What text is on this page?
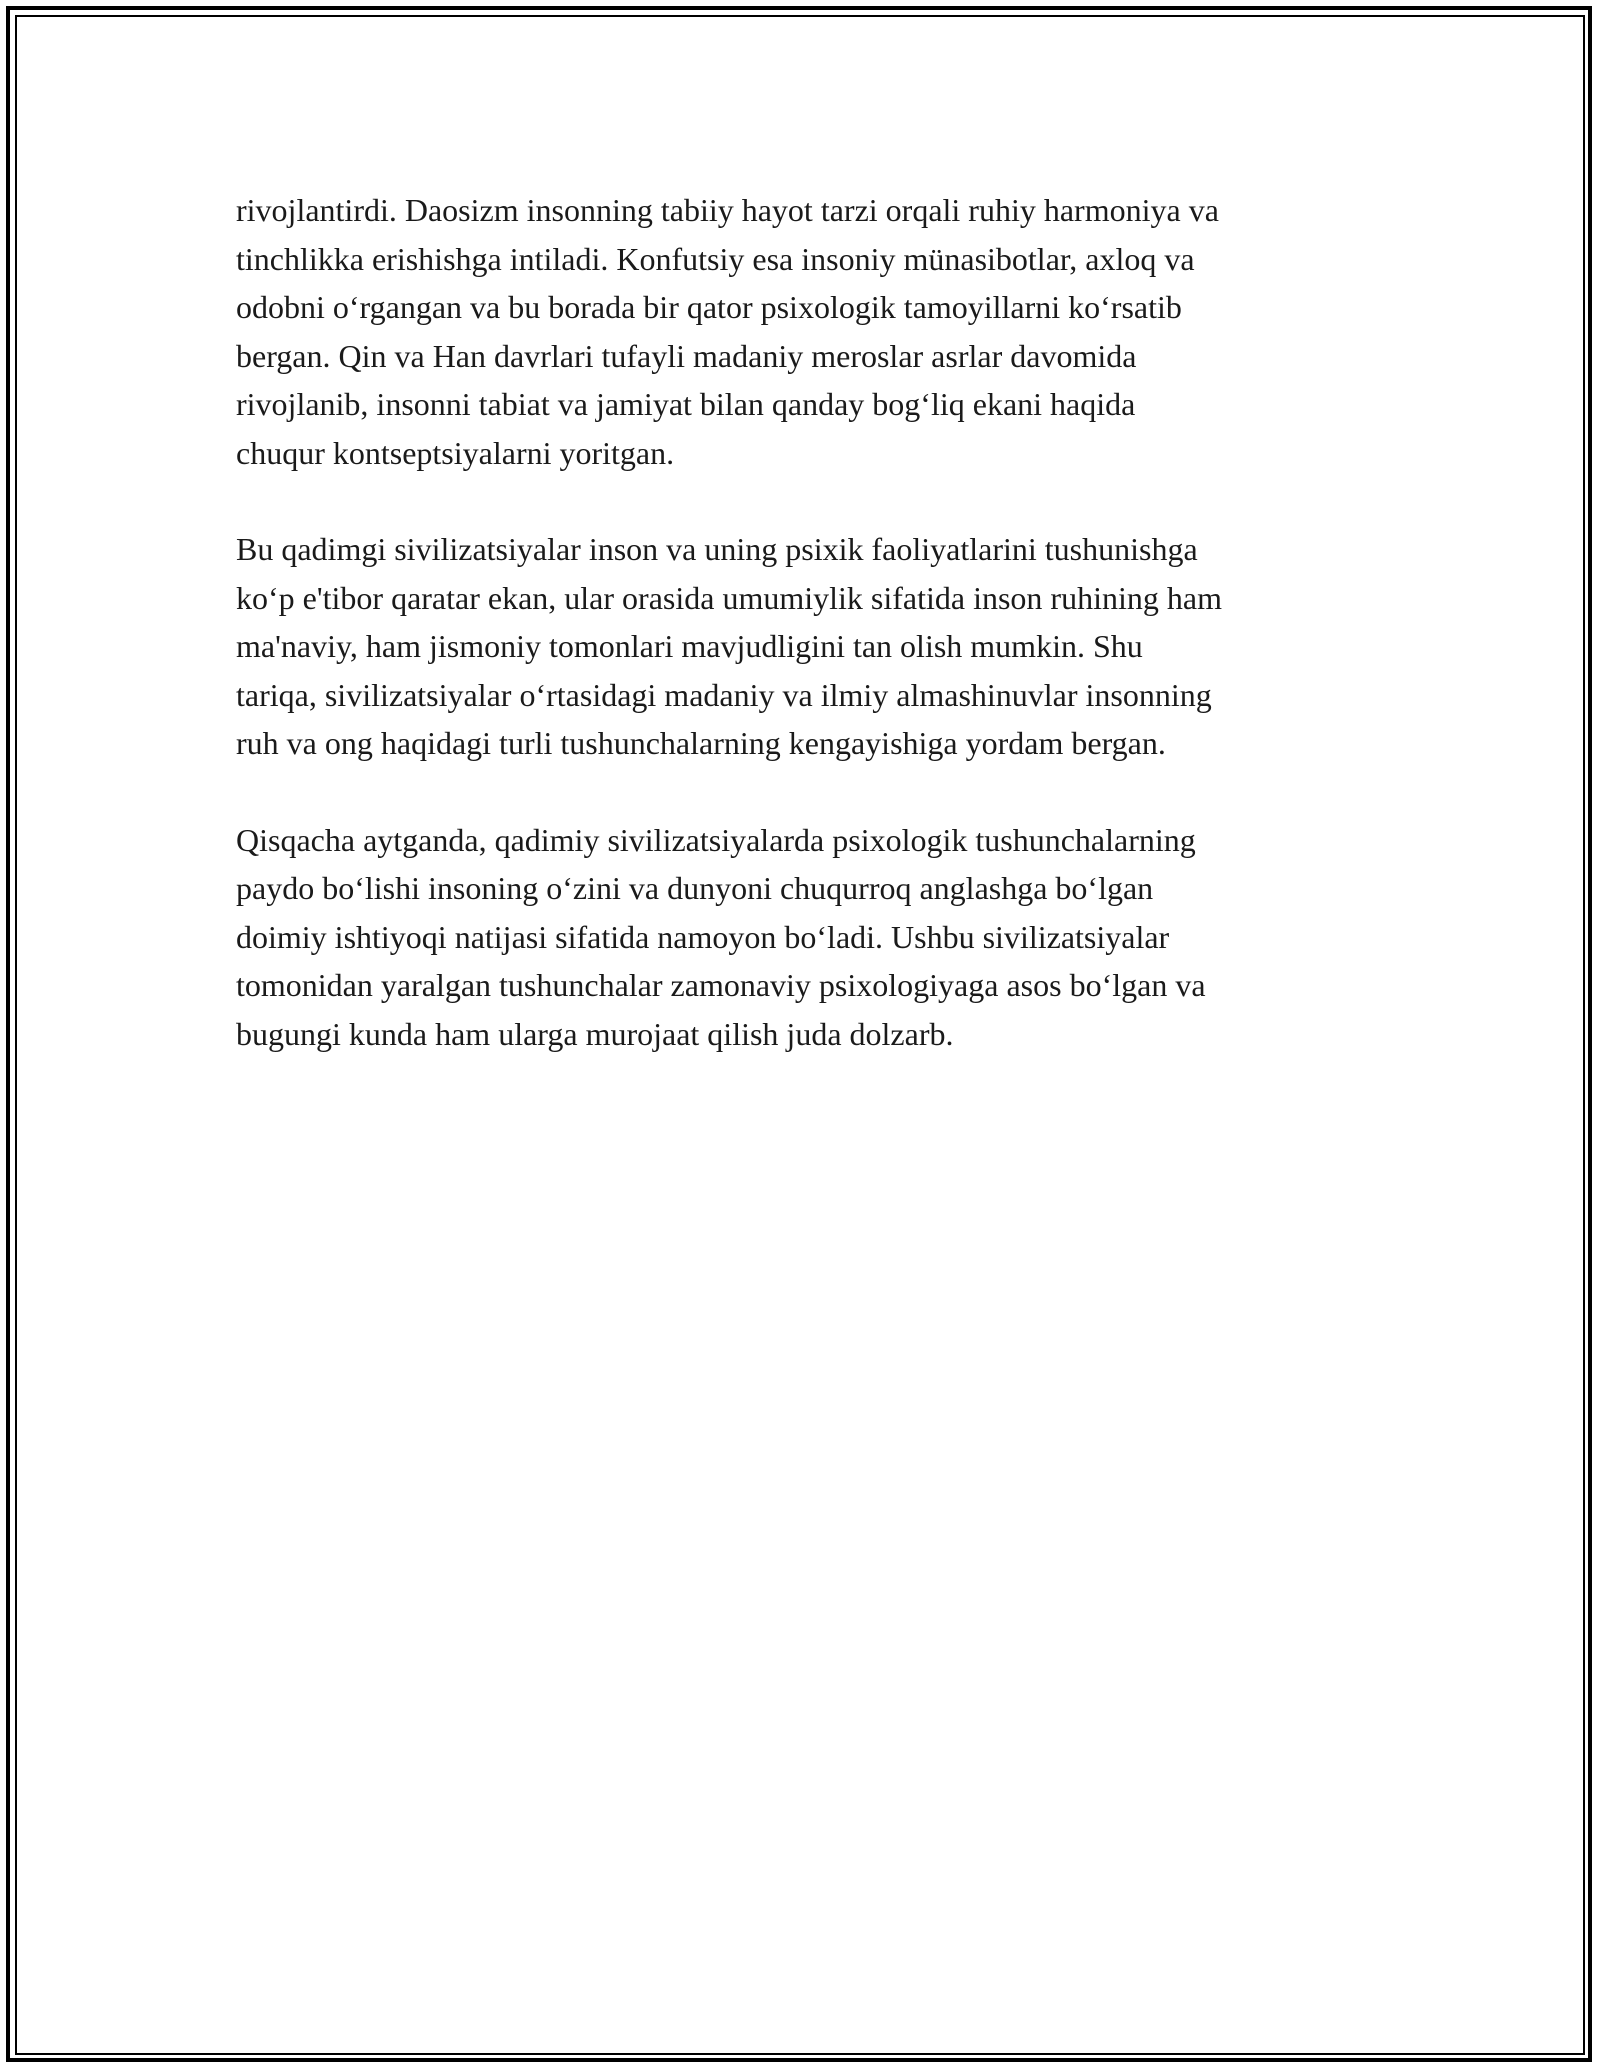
rivojlantirdi. Daosizm insonning tabiiy hayot tarzi orqali ruhiy harmoniya va
tinchlikka erishishga intiladi. Konfutsiy esa insoniy münasibotlar, axloq va
odobni o‘rgangan va bu borada bir qator psixologik tamoyillarni ko‘rsatib
bergan. Qin va Han davrlari tufayli madaniy meroslar asrlar davomida
rivojlanib, insonni tabiat va jamiyat bilan qanday bog‘liq ekani haqida
chuqur kontseptsiyalarni yoritgan.

Bu qadimgi sivilizatsiyalar inson va uning psixik faoliyatlarini tushunishga
ko‘p e'tibor qaratar ekan, ular orasida umumiylik sifatida inson ruhining ham
ma'naviy, ham jismoniy tomonlari mavjudligini tan olish mumkin. Shu
tariqa, sivilizatsiyalar o‘rtasidagi madaniy va ilmiy almashinuvlar insonning
ruh va ong haqidagi turli tushunchalarning kengayishiga yordam bergan.

Qisqacha aytganda, qadimiy sivilizatsiyalarda psixologik tushunchalarning
paydo bo‘lishi insoning o‘zini va dunyoni chuqurroq anglashga bo‘lgan
doimiy ishtiyoqi natijasi sifatida namoyon bo‘ladi. Ushbu sivilizatsiyalar
tomonidan yaralgan tushunchalar zamonaviy psixologiyaga asos bo‘lgan va
bugungi kunda ham ularga murojaat qilish juda dolzarb.
